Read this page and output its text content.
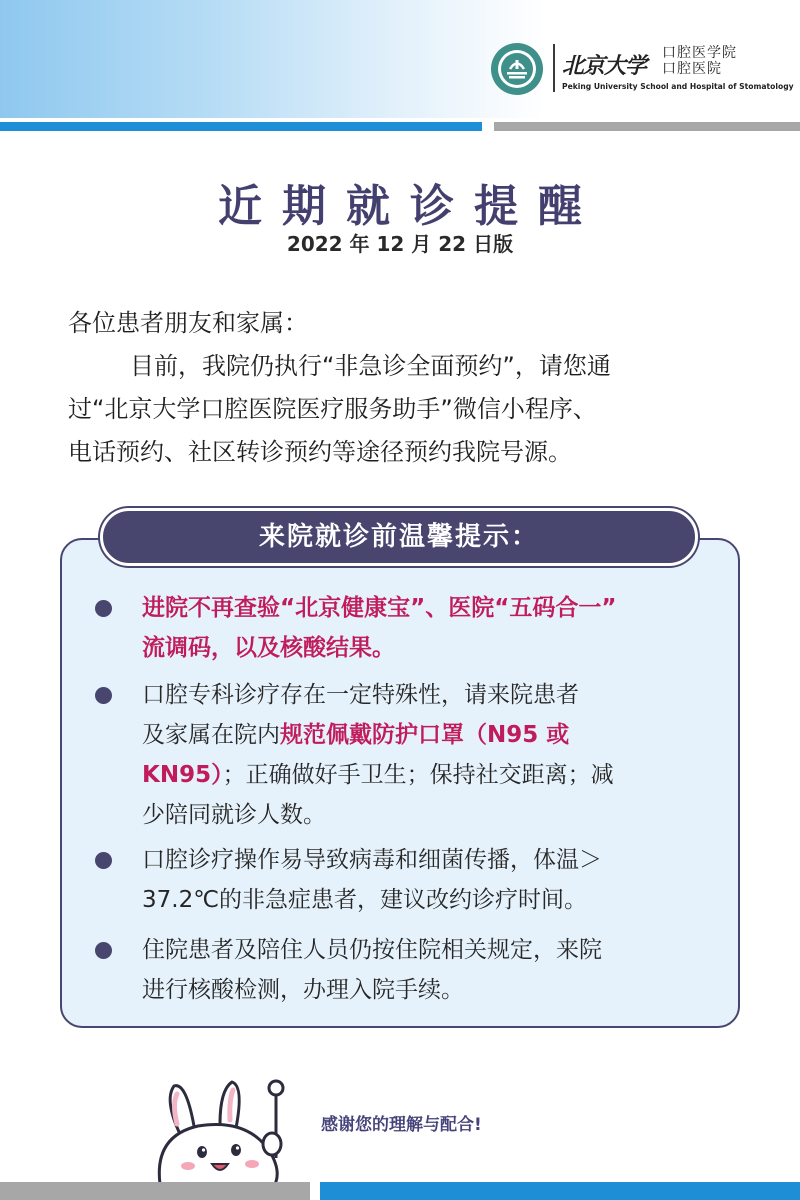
北京大学 口腔医学院
口腔医院
Peking University School and Hospital of Stomatology
近期就诊提醒
2022 年 12 月 22 日版

各位患者朋友和家属：

目前，我院仍执行“非急诊全面预约”，请您通

过“北京大学口腔医院医疗服务助手”微信小程序、

电话预约、社区转诊预约等途径预约我院号源。

来院就诊前温馨提示：
进院不再查验“北京健康宝”、医院“五码合一”
流调码，以及核酸结果。
口腔专科诊疗存在一定特殊性，请来院患者
及家属在院内规范佩戴防护口罩（N95 或
KN95）；正确做好手卫生；保持社交距离；减
少陪同就诊人数。
口腔诊疗操作易导致病毒和细菌传播，体温＞
37.2℃的非急症患者，建议改约诊疗时间。
住院患者及陪住人员仍按住院相关规定，来院
进行核酸检测，办理入院手续。
感谢您的理解与配合!
